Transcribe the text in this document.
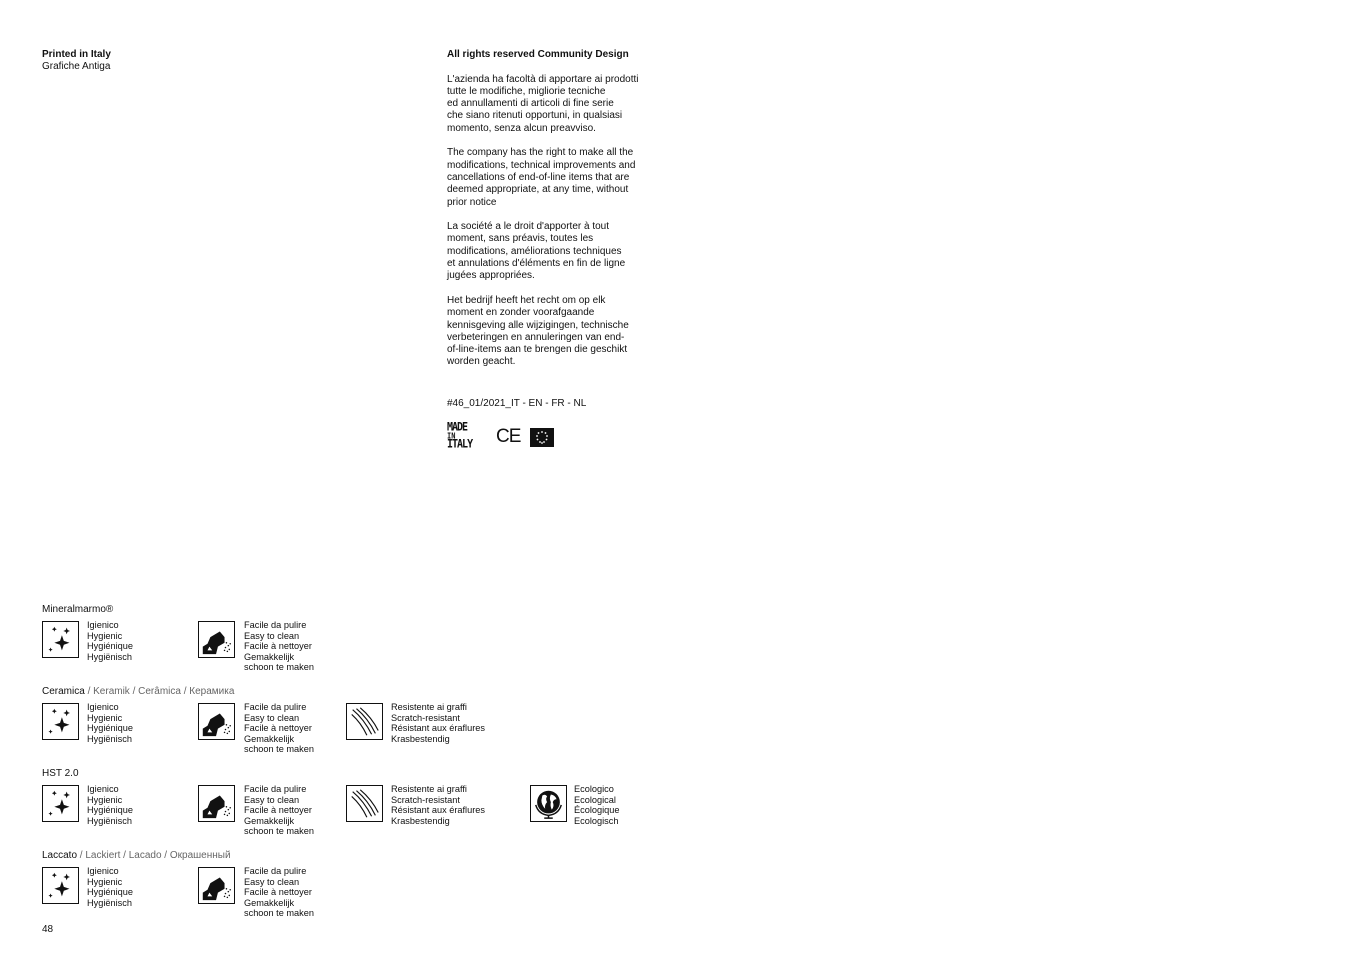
Printed in Italy
Grafiche Antiga
All rights reserved Community Design

L'azienda ha facoltà di apportare ai prodotti
tutte le modifiche, migliorie tecniche
ed annullamenti di articoli di fine serie
che siano ritenuti opportuni, in qualsiasi
momento, senza alcun preavviso.

The company has the right to make all the
modifications, technical improvements and
cancellations of end-of-line items that are
deemed appropriate, at any time, without
prior notice

La société a le droit d'apporter à tout
moment, sans préavis, toutes les
modifications, améliorations techniques
et annulations d'éléments en fin de ligne
jugées appropriées.

Het bedrijf heeft het recht om op elk
moment en zonder voorafgaande
kennisgeving alle wijzigingen, technische
verbeteringen en annuleringen van end-
of-line-items aan te brengen die geschikt
worden geacht.

#46_01/2021_IT - EN - FR - NL
MADE
IN
ITALY CE
Mineralmarmo®
Igienico
Hygienic
Hygiénique
Hygiënisch
Facile da pulire
Easy to clean
Facile à nettoyer
Gemakkelijk
schoon te maken
Ceramica / Keramik / Cerâmica / Керамика
Igienico
Hygienic
Hygiénique
Hygiënisch
Facile da pulire
Easy to clean
Facile à nettoyer
Gemakkelijk
schoon te maken
Resistente ai graffi
Scratch-resistant
Résistant aux éraflures
Krasbestendig
HST 2.0
Igienico
Hygienic
Hygiénique
Hygiënisch
Facile da pulire
Easy to clean
Facile à nettoyer
Gemakkelijk
schoon te maken
Resistente ai graffi
Scratch-resistant
Résistant aux éraflures
Krasbestendig
Ecologico
Ecological
Écologique
Ecologisch
Laccato / Lackiert / Lacado / Окрашенный
Igienico
Hygienic
Hygiénique
Hygiënisch
Facile da pulire
Easy to clean
Facile à nettoyer
Gemakkelijk
schoon te maken
48
